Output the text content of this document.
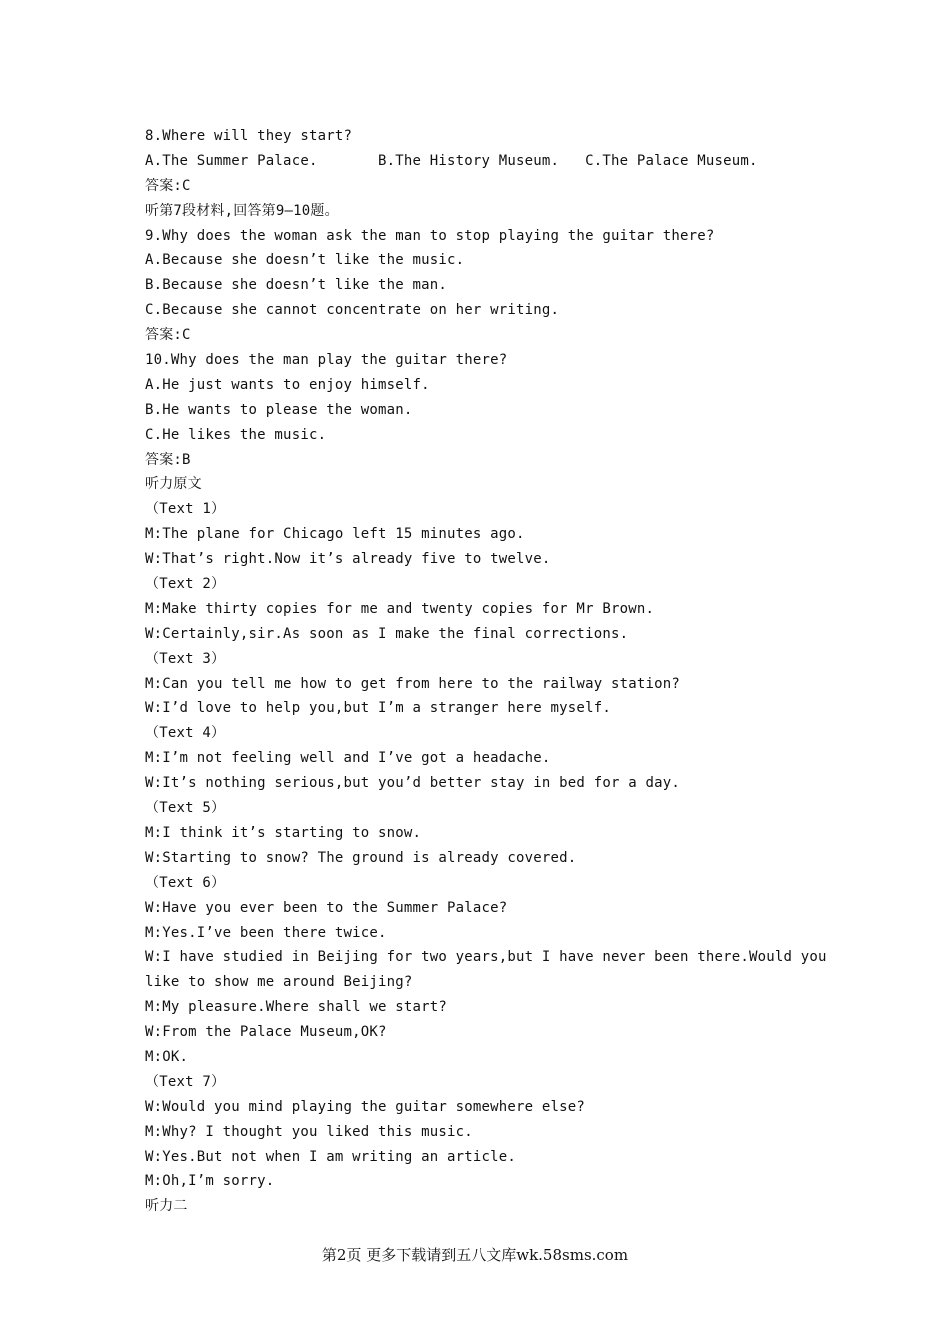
8.Where will they start?
A.The Summer Palace.       B.The History Museum.   C.The Palace Museum.
答案:C
听第7段材料,回答第9—10题。
9.Why does the woman ask the man to stop playing the guitar there?
A.Because she doesn’t like the music.
B.Because she doesn’t like the man.
C.Because she cannot concentrate on her writing.
答案:C
10.Why does the man play the guitar there?
A.He just wants to enjoy himself.
B.He wants to please the woman.
C.He likes the music.
答案:B
听力原文
（Text 1）
M:The plane for Chicago left 15 minutes ago.
W:That’s right.Now it’s already five to twelve.
（Text 2）
M:Make thirty copies for me and twenty copies for Mr Brown.
W:Certainly,sir.As soon as I make the final corrections.
（Text 3）
M:Can you tell me how to get from here to the railway station?
W:I’d love to help you,but I’m a stranger here myself.
（Text 4）
M:I’m not feeling well and I’ve got a headache.
W:It’s nothing serious,but you’d better stay in bed for a day.
（Text 5）
M:I think it’s starting to snow.
W:Starting to snow? The ground is already covered.
（Text 6）
W:Have you ever been to the Summer Palace?
M:Yes.I’ve been there twice.
W:I have studied in Beijing for two years,but I have never been there.Would you
like to show me around Beijing?
M:My pleasure.Where shall we start?
W:From the Palace Museum,OK?
M:OK.
（Text 7）
W:Would you mind playing the guitar somewhere else?
M:Why? I thought you liked this music.
W:Yes.But not when I am writing an article.
M:Oh,I’m sorry.
听力二
第2页 更多下载请到五八文库wk.58sms.com
